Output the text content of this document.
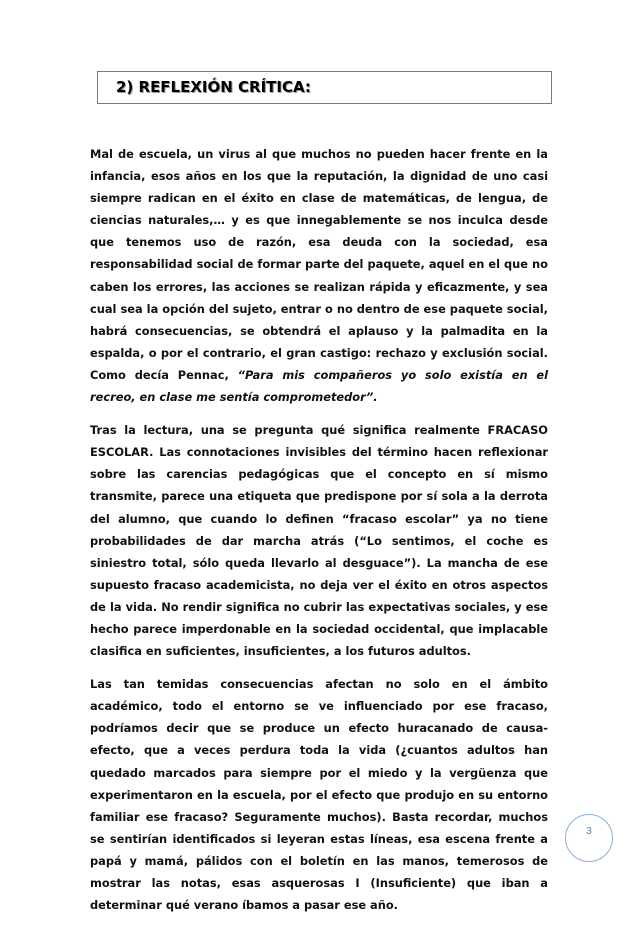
2) REFLEXIÓN CRÍTICA:

Mal de escuela, un virus al que muchos no pueden hacer frente en la infancia, esos años en los que la reputación, la dignidad de uno casi siempre radican en el éxito en clase de matemáticas, de lengua, de ciencias naturales,… y es que innegablemente se nos inculca desde que tenemos uso de razón, esa deuda con la sociedad, esa responsabilidad social de formar parte del paquete, aquel en el que no caben los errores, las acciones se realizan rápida y eficazmente, y sea cual sea la opción del sujeto, entrar o no dentro de ese paquete social, habrá consecuencias, se obtendrá el aplauso y la palmadita en la espalda, o por el contrario, el gran castigo: rechazo y exclusión social. Como decía Pennac, “Para mis compañeros yo solo existía en el recreo, en clase me sentía comprometedor”.

Tras la lectura, una se pregunta qué significa realmente FRACASO ESCOLAR. Las connotaciones invisibles del término hacen reflexionar sobre las carencias pedagógicas que el concepto en sí mismo transmite, parece una etiqueta que predispone por sí sola a la derrota del alumno, que cuando lo definen “fracaso escolar” ya no tiene probabilidades de dar marcha atrás (“Lo sentimos, el coche es siniestro total, sólo queda llevarlo al desguace”). La mancha de ese supuesto fracaso academicista, no deja ver el éxito en otros aspectos de la vida. No rendir significa no cubrir las expectativas sociales, y ese hecho parece imperdonable en la sociedad occidental, que implacable clasifica en suficientes, insuficientes, a los futuros adultos.

Las tan temidas consecuencias afectan no solo en el ámbito académico, todo el entorno se ve influenciado por ese fracaso, podríamos decir que se produce un efecto huracanado de causa-efecto, que a veces perdura toda la vida (¿cuantos adultos han quedado marcados para siempre por el miedo y la vergüenza que experimentaron en la escuela, por el efecto que produjo en su entorno familiar ese fracaso? Seguramente muchos). Basta recordar, muchos se sentirían identificados si leyeran estas líneas, esa escena frente a papá y mamá, pálidos con el boletín en las manos, temerosos de mostrar las notas, esas asquerosas I (Insuficiente) que iban a determinar qué verano íbamos a pasar ese año.

3
